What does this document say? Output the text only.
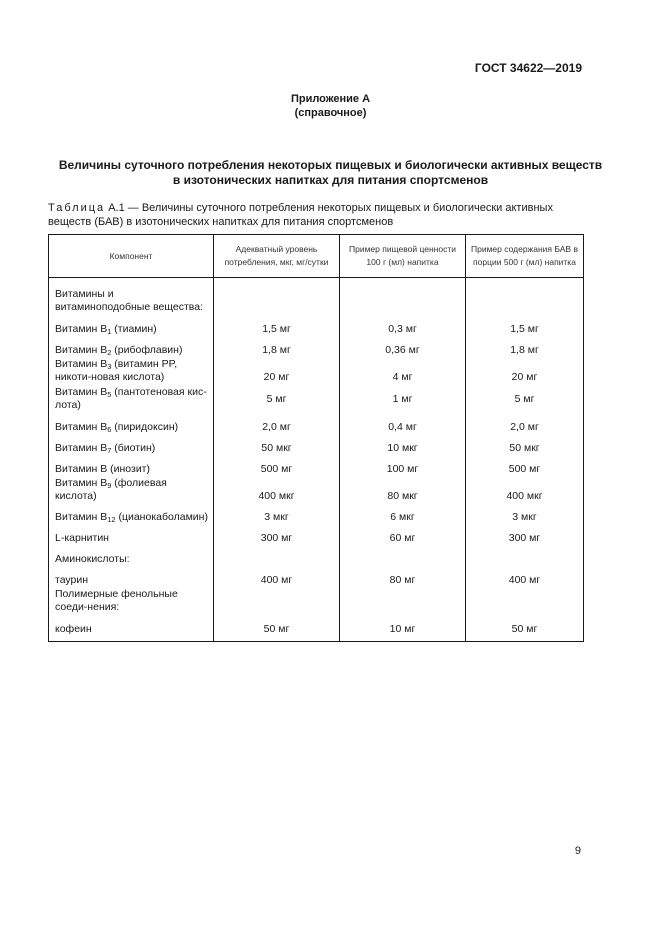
ГОСТ 34622—2019
Приложение А
(справочное)
Величины суточного потребления некоторых пищевых и биологически активных веществ
в изотонических напитках для питания спортсменов
Таблица А.1 — Величины суточного потребления некоторых пищевых и биологически активных веществ (БАВ) в изотонических напитках для питания спортсменов
Компонент	Адекватный уровень потребления, мкг, мг/сутки	Пример пищевой ценности 100 г (мл) напитка	Пример содержания БАВ в порции 500 г (мл) напитка

Витамины и витаминоподобные вещества:			
Витамин $B_1$ (тиамин)	1,5 мг	0,3 мг	1,5 мг
Витамин $B_2$ (рибофлавин)	1,8 мг	0,36 мг	1,8 мг
Витамин $B_3$ (витамин PP, никоти-новая кислота)	20 мг	4 мг	20 мг
Витамин $B_5$ (пантотеновая кис-лота)	5 мг	1 мг	5 мг
Витамин $B_6$ (пиридоксин)	2,0 мг	0,4 мг	2,0 мг
Витамин $B_7$ (биотин)	50 мкг	10 мкг	50 мкг
Витамин B (инозит)	500 мг	100 мг	500 мг
Витамин $B_9$ (фолиевая кислота)	400 мкг	80 мкг	400 мкг
Витамин $B_{12}$ (цианокаболамин)	3 мкг	6 мкг	3 мкг
L-карнитин	300 мг	60 мг	300 мг
Аминокислоты:			
таурин	400 мг	80 мг	400 мг
Полимерные фенольные соеди-нения:			
кофеин	50 мг	10 мг	50 мг
9
